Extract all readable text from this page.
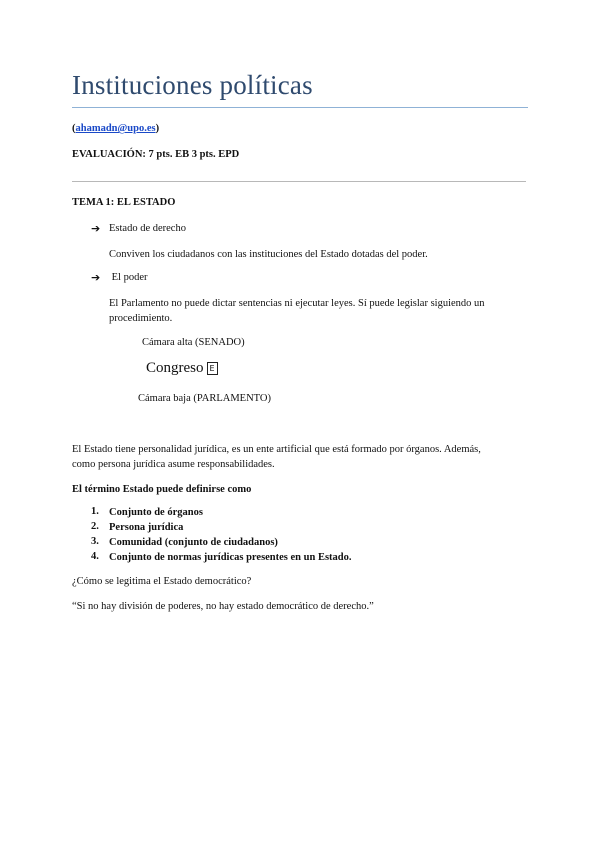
Instituciones políticas
(ahamadn@upo.es)
EVALUACIÓN: 7 pts. EB 3 pts. EPD
TEMA 1: EL ESTADO
➔ Estado de derecho
Conviven los ciudadanos con las instituciones del Estado dotadas del poder.
➔ El poder
El Parlamento no puede dictar sentencias ni ejecutar leyes. Sí puede legislar siguiendo un
procedimiento.
Cámara alta (SENADO)
Congreso E
Cámara baja (PARLAMENTO)
El Estado tiene personalidad jurídica, es un ente artificial que está formado por órganos. Además,
como persona jurídica asume responsabilidades.
El término Estado puede definirse como
1. Conjunto de órganos
2. Persona jurídica
3. Comunidad (conjunto de ciudadanos)
4. Conjunto de normas jurídicas presentes en un Estado.
¿Cómo se legitima el Estado democrático?
“Si no hay división de poderes, no hay estado democrático de derecho.”
